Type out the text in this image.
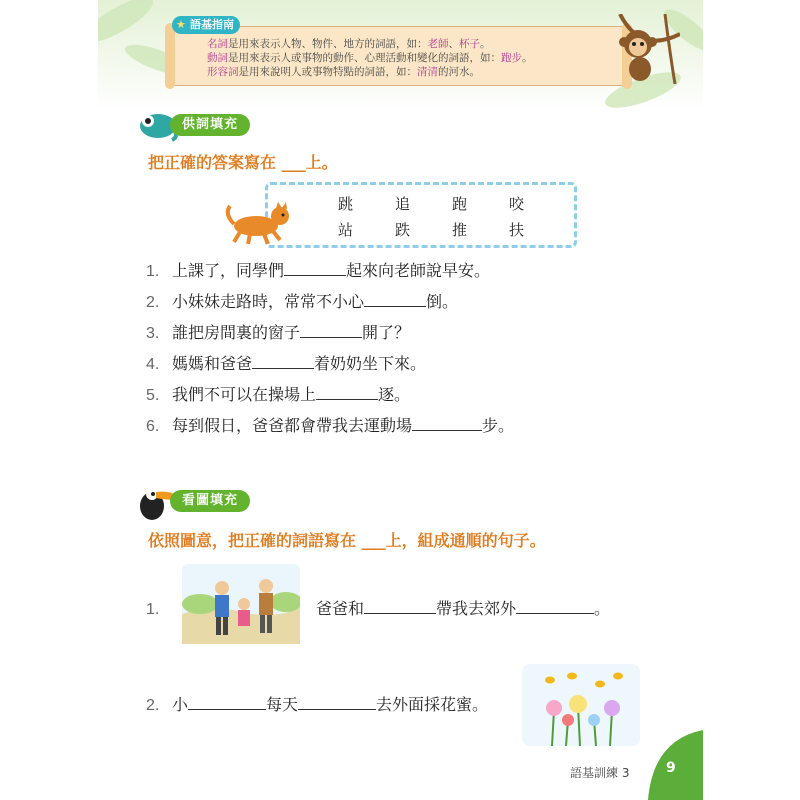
★ 語基指南
名詞是用來表示人物、物件、地方的詞語，如：老師、杯子。
動詞是用來表示人或事物的動作、心理活動和變化的詞語，如：跑步。
形容詞是用來說明人或事物特點的詞語，如：清清的河水。
供詞填充
把正確的答案寫在 ___上。
跳	追	跑	咬
站	跌	推	扶
1. 上課了，同學們	起來向老師說早安。
2. 小妹妹走路時，常常不小心	倒。
3. 誰把房間裏的窗子	開了？
4. 媽媽和爸爸	着奶奶坐下來。
5. 我們不可以在操場上	逐。
6. 每到假日，爸爸都會帶我去運動場	步。
看圖填充
依照圖意，把正確的詞語寫在 ___上，組成通順的句子。
1.	爸爸和	帶我去郊外	。
2. 小	每天	去外面採花蜜。
語基訓練 3	9
